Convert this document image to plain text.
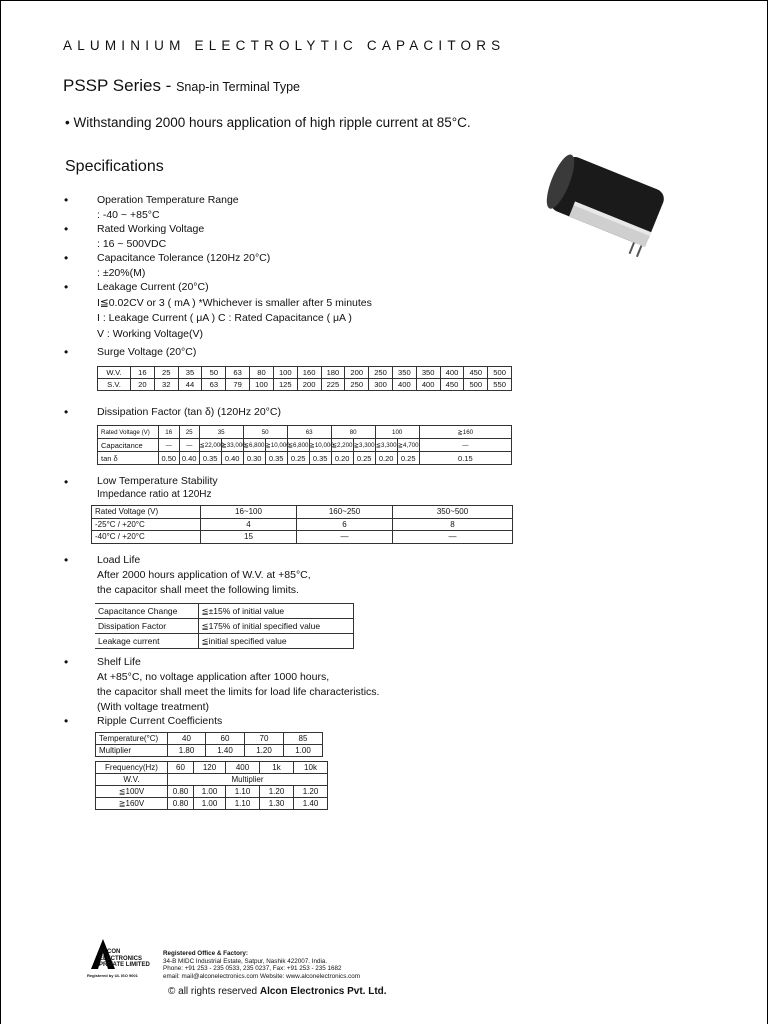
ALUMINIUM ELECTROLYTIC CAPACITORS
PSSP Series - Snap-in Terminal Type
• Withstanding 2000 hours application of high ripple current at 85°C.
Specifications
•
•
•
•
•
•
•
•
•
•
Operation Temperature Range
: -40 ~ +85°C
Rated Working Voltage
: 16 ~ 500VDC
Capacitance Tolerance (120Hz 20°C)
: ±20%(M)
Leakage Current (20°C)
I≦0.02CV or 3 ( mA ) *Whichever is smaller after 5 minutes
I : Leakage Current ( μA ) C : Rated Capacitance ( μA )
V : Working Voltage(V)
Surge Voltage (20°C)
W.V.	16	25	35	50	63	80	100	160	180	200	250	350	350	400	450	500
S.V.	20	32	44	63	79	100	125	200	225	250	300	400	400	450	500	550
Dissipation Factor (tan δ) (120Hz 20°C)
Rated Voltage (V)	16	25	35		50		63		80		100		≧160
Capacitance	—	—	≦22,000	≧33,000	≦6,800	≧10,000	≦6,800	≧10,000	≦2,200	≧3,300	≦3,300	≧4,700	—
tan δ	0.50	0.40	0.35	0.40	0.30	0.35	0.25	0.35	0.20	0.25	0.20	0.25	0.15
Low Temperature Stability
Impedance ratio at 120Hz
Rated Voltage (V)	16~100	160~250	350~500
-25°C / +20°C	4	6	8
-40°C / +20°C	15	—	—
Load Life
After 2000 hours application of W.V. at +85°C,
the capacitor shall meet the following limits.
Capacitance Change	≦±15% of initial value
Dissipation Factor	≦175% of initial specified value
Leakage current	≦initial specified value
Shelf Life
At +85°C, no voltage application after 1000 hours,
the capacitor shall meet the limits for load life characteristics.
(With voltage treatment)
Ripple Current Coefficients
Temperature(°C)	40	60	70	85
Multiplier	1.80	1.40	1.20	1.00
Frequency(Hz)	60	120	400	1k	10k
W.V.	Multiplier				
≦100V	0.80	1.00	1.10	1.20	1.20
≧160V	0.80	1.00	1.10	1.30	1.40
ALCON
ELECTRONICS
PRIVATE LIMITED
Registered by UL ISO 9001
Registered Office & Factory:
34-B MIDC Industrial Estate, Satpur, Nashik 422007. India.
Phone: +91 253 - 235 0533, 235 0237, Fax: +91 253 - 235 1682
email: mail@alconelectronics.com Website: www.alconelectronics.com
© all rights reserved Alcon Electronics Pvt. Ltd.
